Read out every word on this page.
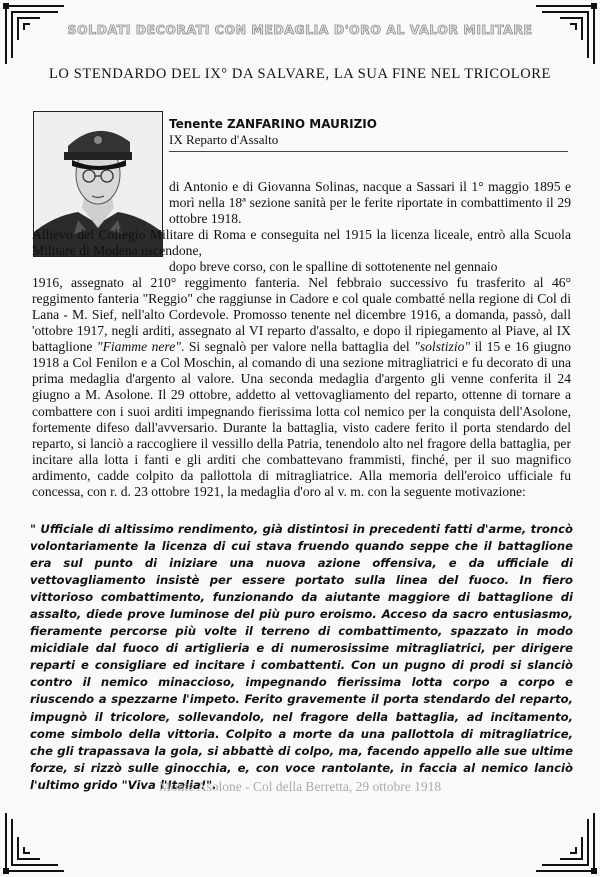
SOLDATI DECORATI CON MEDAGLIA D'ORO AL VALOR MILITARE
LO STENDARDO DEL IX° DA SALVARE, LA SUA FINE NEL TRICOLORE
Tenente ZANFARINO MAURIZIO
IX Reparto d'Assalto

di Antonio e di Giovanna Solinas, nacque a Sassari il 1° maggio 1895 e morì nella 18ª sezione sanità per le ferite riportate in combattimento il 29 ottobre 1918.

Allievo del Collegio Militare di Roma e conseguita nel 1915 la licenza liceale, entrò alla Scuola Militare di Modena uscendone,
dopo breve corso, con le spalline di sottotenente nel gennaio
1916, assegnato al 210° reggimento fanteria. Nel febbraio successivo fu trasferito al 46° reggimento fanteria "Reggio" che raggiunse in Cadore e col quale combatté nella regione di Col di Lana - M. Sief, nell'alto Cordevole. Promosso tenente nel dicembre 1916, a domanda, passò, dall 'ottobre 1917, negli arditi, assegnato al VI reparto d'assalto, e dopo il ripiegamento al Piave, al IX battaglione "Fiamme nere". Si segnalò per valore nella battaglia del "solstizio" il 15 e 16 giugno 1918 a Col Fenilon e a Col Moschin, al comando di una sezione mitragliatrici e fu decorato di una prima medaglia d'argento al valore. Una seconda medaglia d'argento gli venne conferita il 24 giugno a M. Asolone. Il 29 ottobre, addetto al vettovagliamento del reparto, ottenne di tornare a combattere con i suoi arditi impegnando fierissima lotta col nemico per la conquista dell'Asolone, fortemente difeso dall'avversario. Durante la battaglia, visto cadere ferito il porta stendardo del reparto, si lanciò a raccogliere il vessillo della Patria, tenendolo alto nel fragore della battaglia, per incitare alla lotta i fanti e gli arditi che combattevano frammisti, finché, per il suo magnifico ardimento, cadde colpito da pallottola di mitragliatrice. Alla memoria dell'eroico ufficiale fu concessa, con r. d. 23 ottobre 1921, la medaglia d'oro al v. m. con la seguente motivazione:

" Ufficiale di altissimo rendimento, già distintosi in precedenti fatti d'arme, troncò volontariamente la licenza di cui stava fruendo quando seppe che il battaglione era sul punto di iniziare una nuova azione offensiva, e da ufficiale di vettovagliamento insistè per essere portato sulla linea del fuoco. In fiero vittorioso combattimento, funzionando da aiutante maggiore di battaglione di assalto, diede prove luminose del più puro eroismo. Acceso da sacro entusiasmo, fieramente percorse più volte il terreno di combattimento, spazzato in modo micidiale dal fuoco di artiglieria e di numerosissime mitragliatrici, per dirigere reparti e consigliare ed incitare i combattenti. Con un pugno di prodi si slanciò contro il nemico minaccioso, impegnando fierissima lotta corpo a corpo e riuscendo a spezzarne l'impeto. Ferito gravemente il porta stendardo del reparto, impugnò il tricolore, sollevandolo, nel fragore della battaglia, ad incitamento, come simbolo della vittoria. Colpito a morte da una pallottola di mitragliatrice, che gli trapassava la gola, si abbattè di colpo, ma, facendo appello alle sue ultime forze, si rizzò sulle ginocchia, e, con voce rantolante, in faccia al nemico lanciò l'ultimo grido "Viva l'Italia!".

Monte Asolone - Col della Berretta, 29 ottobre 1918
